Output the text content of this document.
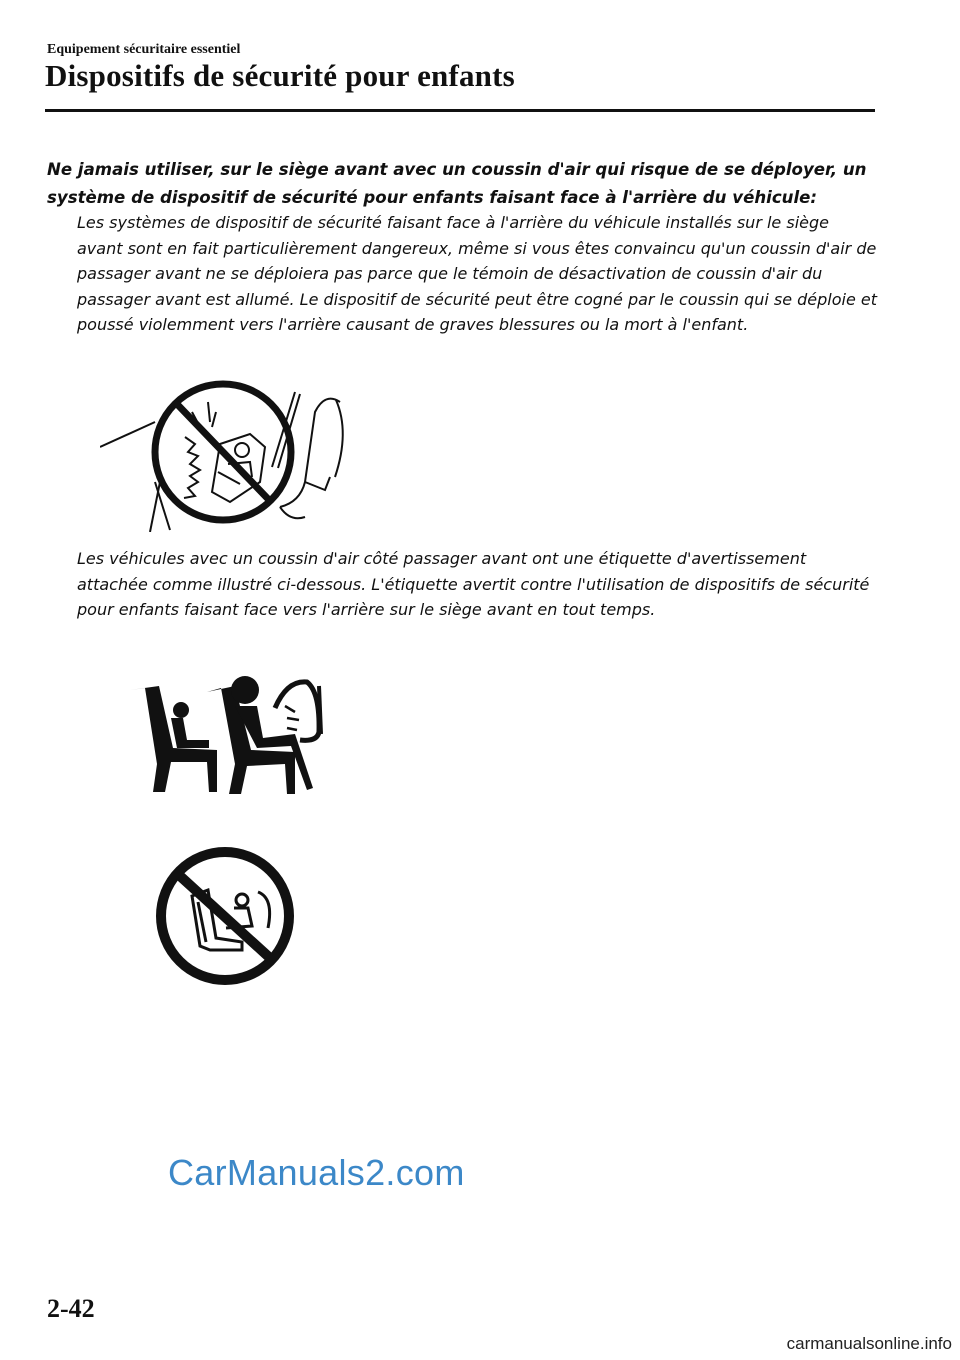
Equipement sécuritaire essentiel
Dispositifs de sécurité pour enfants
Ne jamais utiliser, sur le siège avant avec un coussin d'air qui risque de se déployer, un système de dispositif de sécurité pour enfants faisant face à l'arrière du véhicule:
Les systèmes de dispositif de sécurité faisant face à l'arrière du véhicule installés sur le siège avant sont en fait particulièrement dangereux, même si vous êtes convaincu qu'un coussin d'air de passager avant ne se déploiera pas parce que le témoin de désactivation de coussin d'air du passager avant est allumé. Le dispositif de sécurité peut être cogné par le coussin qui se déploie et poussé violemment vers l'arrière causant de graves blessures ou la mort à l'enfant.
Les véhicules avec un coussin d'air côté passager avant ont une étiquette d'avertissement attachée comme illustré ci-dessous. L'étiquette avertit contre l'utilisation de dispositifs de sécurité pour enfants faisant face vers l'arrière sur le siège avant en tout temps.
CarManuals2.com
2-42
carmanualsonline.info
